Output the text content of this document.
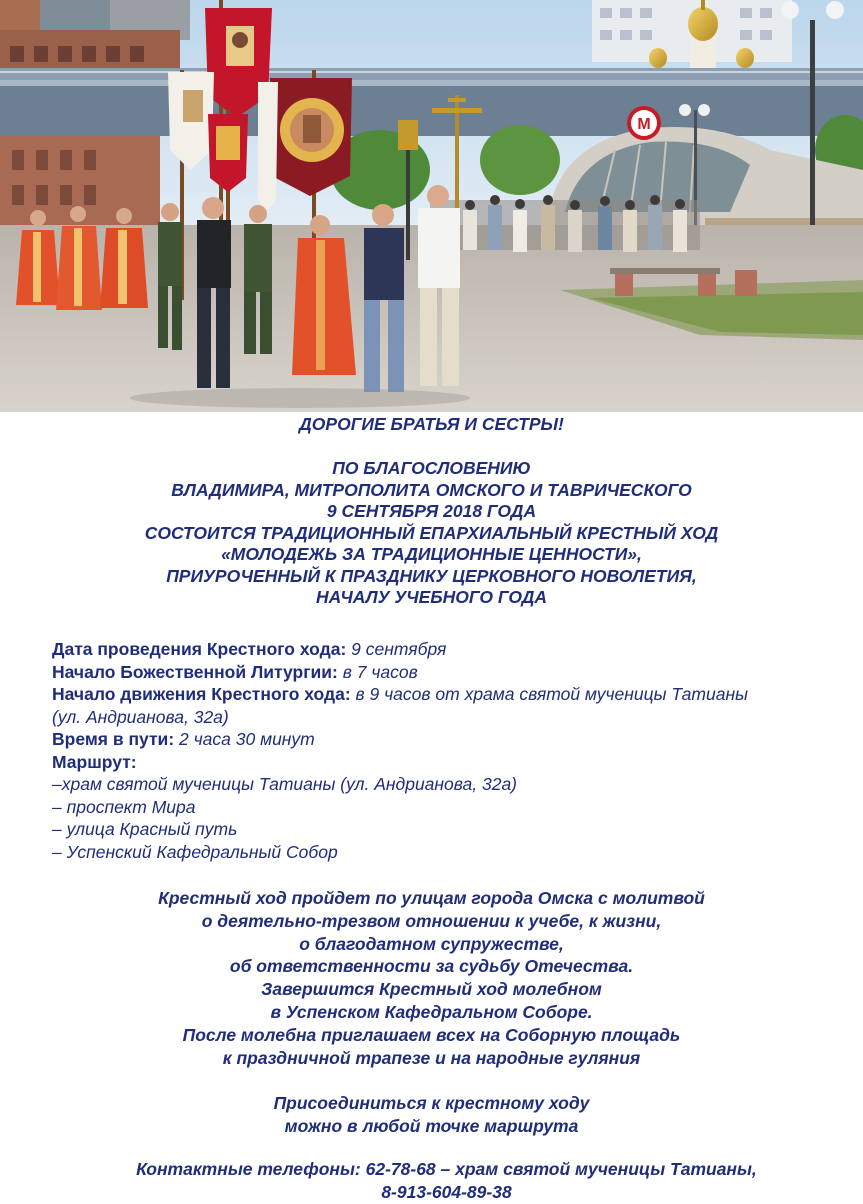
М
ДОРОГИЕ БРАТЬЯ И СЕСТРЫ!
ПО БЛАГОСЛОВЕНИЮ
ВЛАДИМИРА, МИТРОПОЛИТА ОМСКОГО И ТАВРИЧЕСКОГО
9 СЕНТЯБРЯ 2018 ГОДА
СОСТОИТСЯ ТРАДИЦИОННЫЙ ЕПАРХИАЛЬНЫЙ КРЕСТНЫЙ ХОД
«МОЛОДЕЖЬ ЗА ТРАДИЦИОННЫЕ ЦЕННОСТИ»,
ПРИУРОЧЕННЫЙ К ПРАЗДНИКУ ЦЕРКОВНОГО НОВОЛЕТИЯ,
НАЧАЛУ УЧЕБНОГО ГОДА
Дата проведения Крестного хода: 9 сентября
Начало Божественной Литургии: в 7 часов
Начало движения Крестного хода: в 9 часов от храма святой мученицы Татианы
(ул. Андрианова, 32а)
Время в пути: 2 часа 30 минут
Маршрут:
–храм святой мученицы Татианы (ул. Андрианова, 32а)
– проспект Мира
– улица Красный путь
– Успенский Кафедральный Собор
Крестный ход пройдет по улицам города Омска с молитвой
о деятельно-трезвом отношении к учебе, к жизни,
о благодатном супружестве,
об ответственности за судьбу Отечества.
Завершится Крестный ход молебном
в Успенском Кафедральном Соборе.
После молебна приглашаем всех на Соборную площадь
к праздничной трапезе и на народные гуляния
Присоединиться к крестному ходу
можно в любой точке маршрута
Контактные телефоны: 62-78-68 – храм святой мученицы Татианы,
8-913-604-89-38
